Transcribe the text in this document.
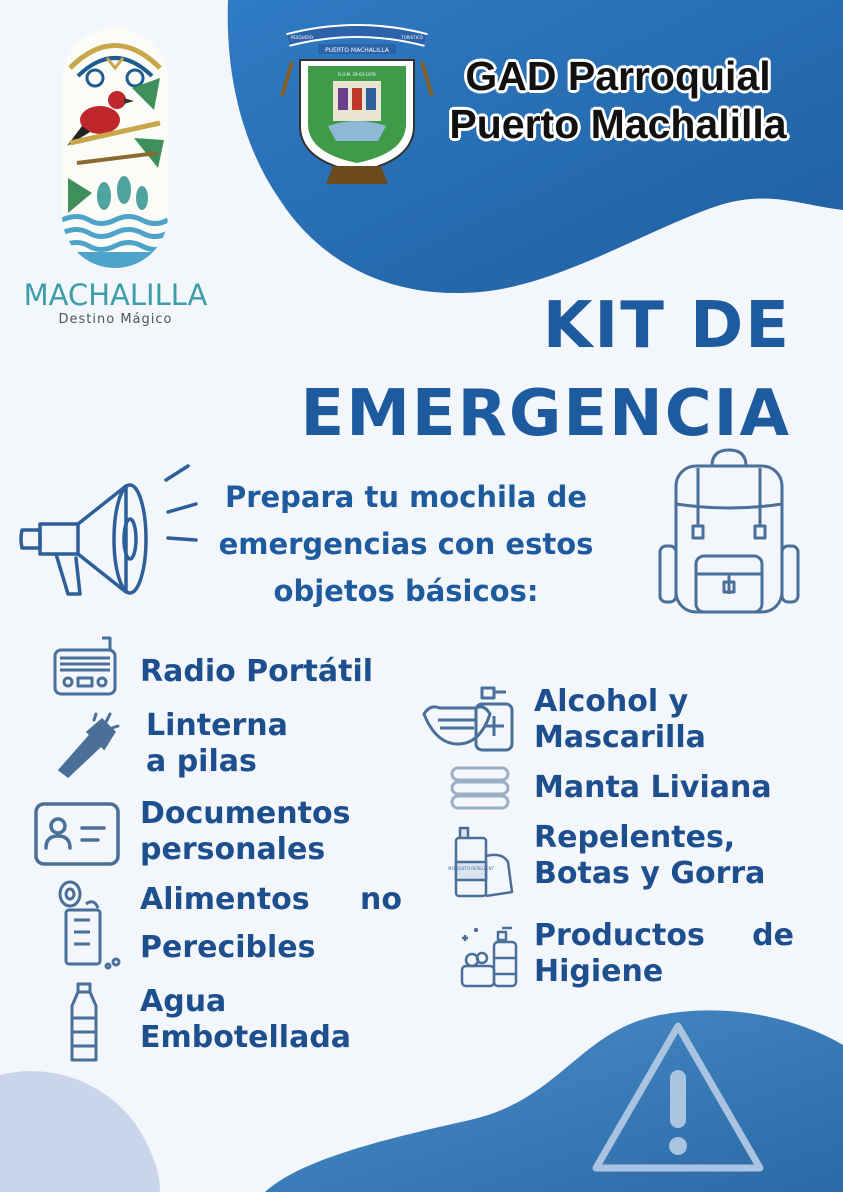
MACHALILLA
Destino Mágico
PUERTO MACHALILLA
R.O.M. 29-03-1978
PESQUERO	TURISTICO
GAD Parroquial
Puerto Machalilla
KIT DE
EMERGENCIA
Prepara tu mochila de
emergencias con estos
objetos básicos:
Radio Portátil
Linterna
a pilas
Documentos
personales
Alimentos no
Perecibles
Agua
Embotellada
Alcohol y
Mascarilla
Manta Liviana
MOSQUITO REPELLENT
Repelentes,
Botas y Gorra
Productos de
Higiene
